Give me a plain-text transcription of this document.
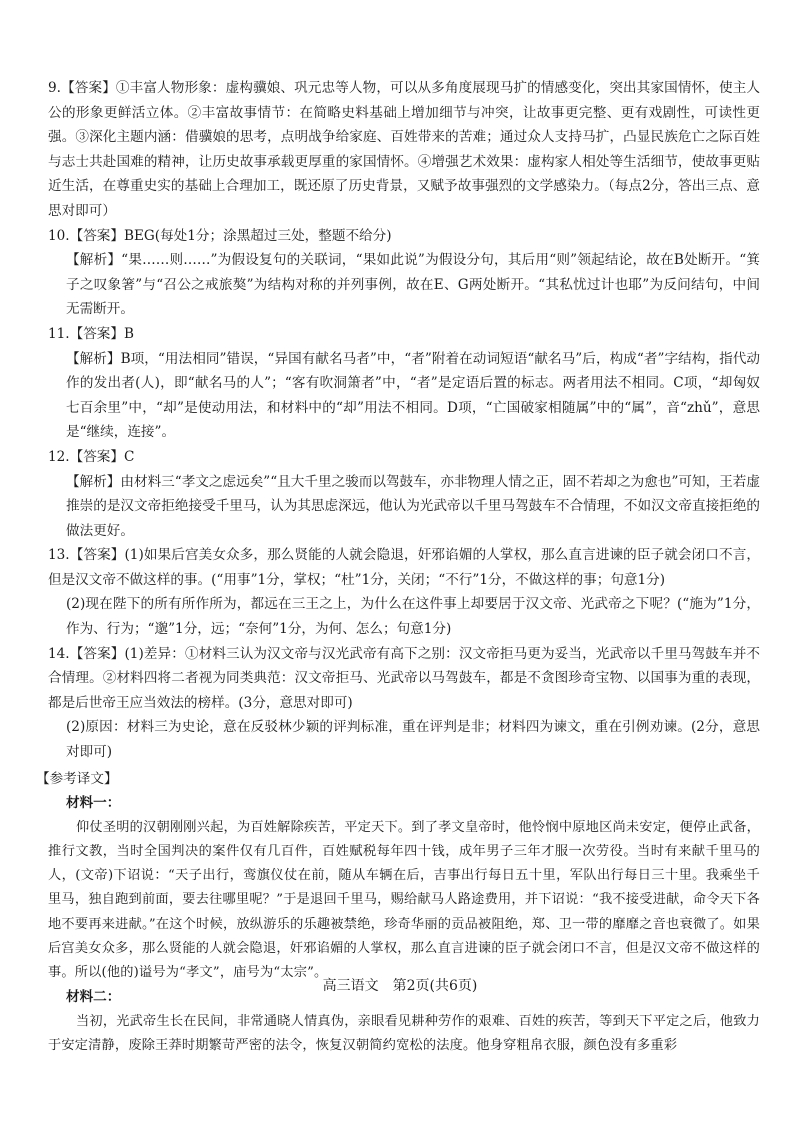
9.【答案】①丰富人物形象：虚构骥娘、巩元忠等人物，可以从多角度展现马扩的情感变化，突出其家国情怀，使主人公的形象更鲜活立体。②丰富故事情节：在简略史料基础上增加细节与冲突，让故事更完整、更有戏剧性，可读性更强。③深化主题内涵：借骥娘的思考，点明战争给家庭、百姓带来的苦难；通过众人支持马扩，凸显民族危亡之际百姓与志士共赴国难的精神，让历史故事承载更厚重的家国情怀。④增强艺术效果：虚构家人相处等生活细节，使故事更贴近生活，在尊重史实的基础上合理加工，既还原了历史背景，又赋予故事强烈的文学感染力。（每点2分，答出三点、意思对即可）

10.【答案】BEG(每处1分；涂黑超过三处，整题不给分)

【解析】“果……则……”为假设复句的关联词，“果如此说”为假设分句，其后用“则”领起结论，故在B处断开。“箕子之叹象箸”与“召公之戒旅獒”为结构对称的并列事例，故在E、G两处断开。“其私忧过计也耶”为反问结句，中间无需断开。

11.【答案】B

【解析】B项，“用法相同”错误，“异国有献名马者”中，“者”附着在动词短语“献名马”后，构成“者”字结构，指代动作的发出者(人)，即“献名马的人”；“客有吹洞箫者”中，“者”是定语后置的标志。两者用法不相同。C项，“却匈奴七百余里”中，“却”是使动用法，和材料中的“却”用法不相同。D项，“亡国破家相随属”中的“属”，音“zhǔ”，意思是“继续，连接”。

12.【答案】C

【解析】由材料三“孝文之虑远矣”“且大千里之骏而以驾鼓车，亦非物理人情之正，固不若却之为愈也”可知，王若虚推崇的是汉文帝拒绝接受千里马，认为其思虑深远，他认为光武帝以千里马驾鼓车不合情理，不如汉文帝直接拒绝的做法更好。

13.【答案】(1)如果后宫美女众多，那么贤能的人就会隐退，奸邪谄媚的人掌权，那么直言进谏的臣子就会闭口不言，但是汉文帝不做这样的事。(“用事”1分，掌权；“杜”1分，关闭；“不行”1分，不做这样的事；句意1分)

(2)现在陛下的所有所作所为，都远在三王之上，为什么在这件事上却要居于汉文帝、光武帝之下呢？(“施为”1分，作为、行为；“邈”1分，远；“奈何”1分，为何、怎么；句意1分)

14.【答案】(1)差异：①材料三认为汉文帝与汉光武帝有高下之别：汉文帝拒马更为妥当，光武帝以千里马驾鼓车并不合情理。②材料四将二者视为同类典范：汉文帝拒马、光武帝以马驾鼓车，都是不贪图珍奇宝物、以国事为重的表现，都是后世帝王应当效法的榜样。(3分，意思对即可)

(2)原因：材料三为史论，意在反驳林少颖的评判标准，重在评判是非；材料四为谏文，重在引例劝谏。(2分，意思对即可)

【参考译文】

材料一：

仰仗圣明的汉朝刚刚兴起，为百姓解除疾苦，平定天下。到了孝文皇帝时，他怜悯中原地区尚未安定，便停止武备，推行文教，当时全国判决的案件仅有几百件，百姓赋税每年四十钱，成年男子三年才服一次劳役。当时有来献千里马的人，(文帝)下诏说：“天子出行，鸾旗仪仗在前，随从车辆在后，吉事出行每日五十里，军队出行每日三十里。我乘坐千里马，独自跑到前面，要去往哪里呢？”于是退回千里马，赐给献马人路途费用，并下诏说：“我不接受进献，命令天下各地不要再来进献。”在这个时候，放纵游乐的乐趣被禁绝，珍奇华丽的贡品被阻绝，郑、卫一带的靡靡之音也衰微了。如果后宫美女众多，那么贤能的人就会隐退，奸邪谄媚的人掌权，那么直言进谏的臣子就会闭口不言，但是汉文帝不做这样的事。所以(他的)谥号为“孝文”，庙号为“太宗”。

材料二：

当初，光武帝生长在民间，非常通晓人情真伪，亲眼看见耕种劳作的艰难、百姓的疾苦，等到天下平定之后，他致力于安定清静，废除王莽时期繁苛严密的法令，恢复汉朝简约宽松的法度。他身穿粗帛衣服，颜色没有多重彩

高三语文　第2页(共6页)
